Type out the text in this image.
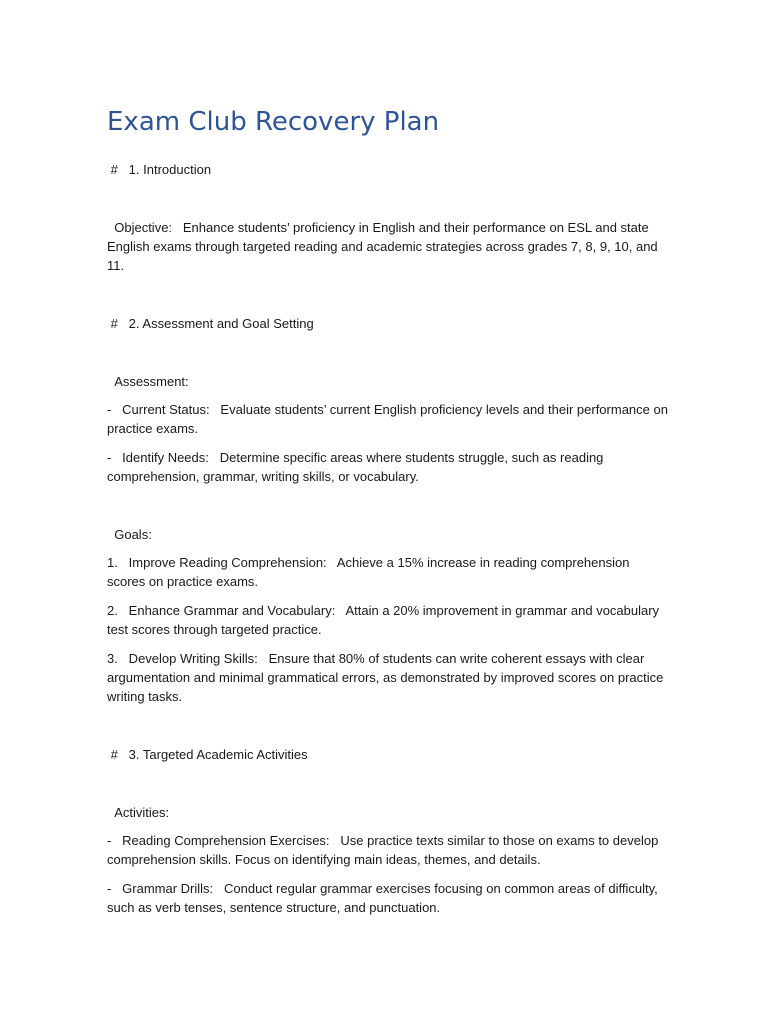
Exam Club Recovery Plan

#   1. Introduction

Objective:   Enhance students’ proficiency in English and their performance on ESL and state English exams through targeted reading and academic strategies across grades 7, 8, 9, 10, and 11.

#   2. Assessment and Goal Setting

Assessment:

-   Current Status:   Evaluate students’ current English proficiency levels and their performance on practice exams.

-   Identify Needs:   Determine specific areas where students struggle, such as reading comprehension, grammar, writing skills, or vocabulary.

Goals:

1.   Improve Reading Comprehension:   Achieve a 15% increase in reading comprehension scores on practice exams.

2.   Enhance Grammar and Vocabulary:   Attain a 20% improvement in grammar and vocabulary test scores through targeted practice.

3.   Develop Writing Skills:   Ensure that 80% of students can write coherent essays with clear argumentation and minimal grammatical errors, as demonstrated by improved scores on practice writing tasks.

#   3. Targeted Academic Activities

Activities:

-   Reading Comprehension Exercises:   Use practice texts similar to those on exams to develop comprehension skills. Focus on identifying main ideas, themes, and details.

-   Grammar Drills:   Conduct regular grammar exercises focusing on common areas of difficulty, such as verb tenses, sentence structure, and punctuation.
